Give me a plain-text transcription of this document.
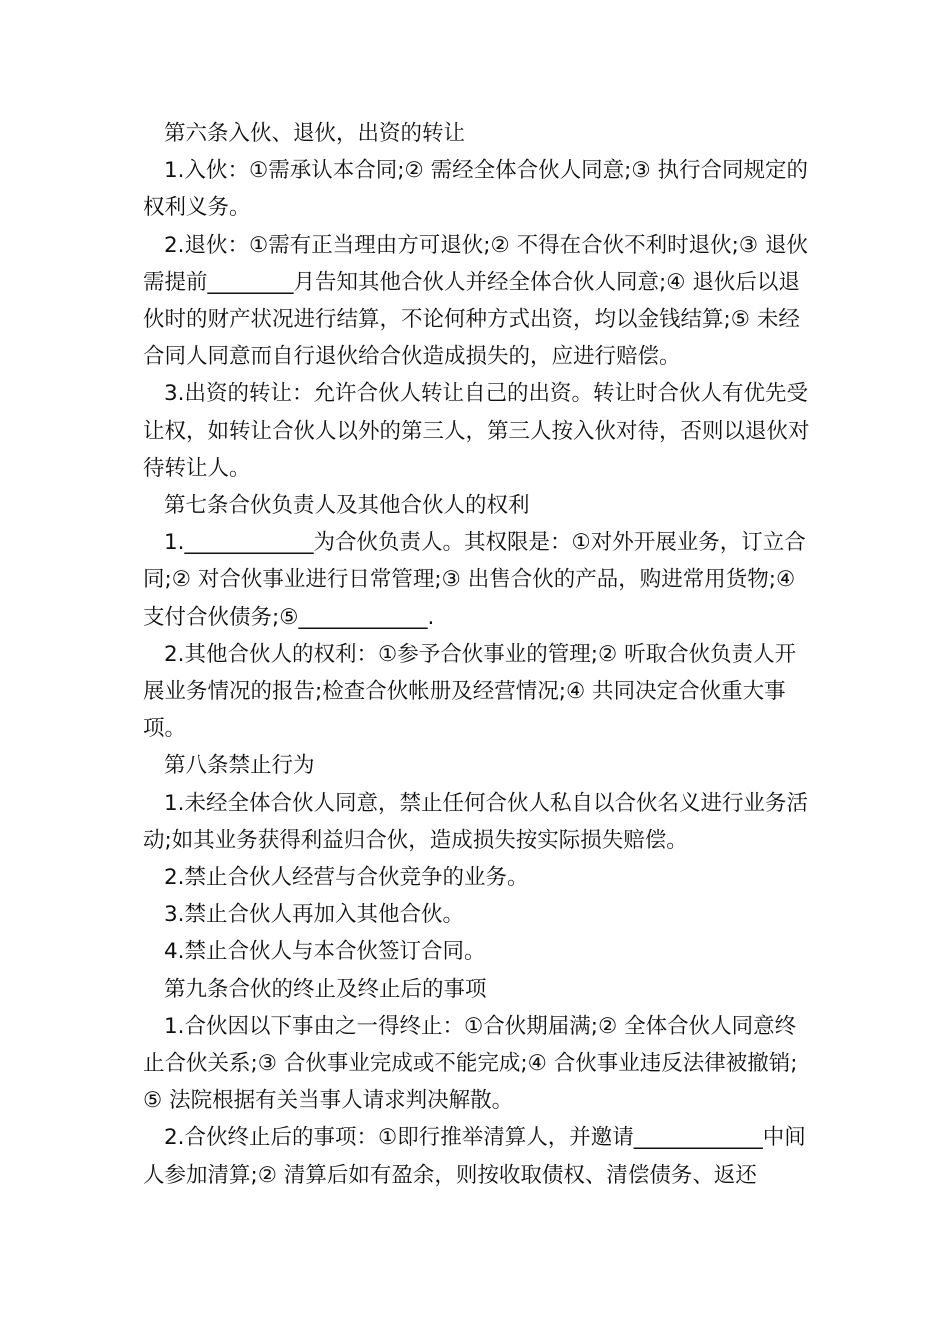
第六条入伙、退伙，出资的转让

1.入伙：①需承认本合同;② 需经全体合伙人同意;③ 执行合同规定的权利义务。

2.退伙：①需有正当理由方可退伙;② 不得在合伙不利时退伙;③ 退伙需提前________月告知其他合伙人并经全体合伙人同意;④ 退伙后以退伙时的财产状况进行结算，不论何种方式出资，均以金钱结算;⑤ 未经合同人同意而自行退伙给合伙造成损失的，应进行赔偿。

3.出资的转让：允许合伙人转让自己的出资。转让时合伙人有优先受让权，如转让合伙人以外的第三人，第三人按入伙对待，否则以退伙对待转让人。

第七条合伙负责人及其他合伙人的权利

1.____________为合伙负责人。其权限是：①对外开展业务，订立合同;② 对合伙事业进行日常管理;③ 出售合伙的产品，购进常用货物;④ 支付合伙债务;⑤____________.

2.其他合伙人的权利：①参予合伙事业的管理;② 听取合伙负责人开展业务情况的报告;检查合伙帐册及经营情况;④ 共同决定合伙重大事项。

第八条禁止行为

1.未经全体合伙人同意，禁止任何合伙人私自以合伙名义进行业务活动;如其业务获得利益归合伙，造成损失按实际损失赔偿。

2.禁止合伙人经营与合伙竞争的业务。

3.禁止合伙人再加入其他合伙。

4.禁止合伙人与本合伙签订合同。

第九条合伙的终止及终止后的事项

1.合伙因以下事由之一得终止：①合伙期届满;② 全体合伙人同意终止合伙关系;③ 合伙事业完成或不能完成;④ 合伙事业违反法律被撤销;⑤ 法院根据有关当事人请求判决解散。

2.合伙终止后的事项：①即行推举清算人，并邀请____________中间人参加清算;② 清算后如有盈余，则按收取债权、清偿债务、返还
